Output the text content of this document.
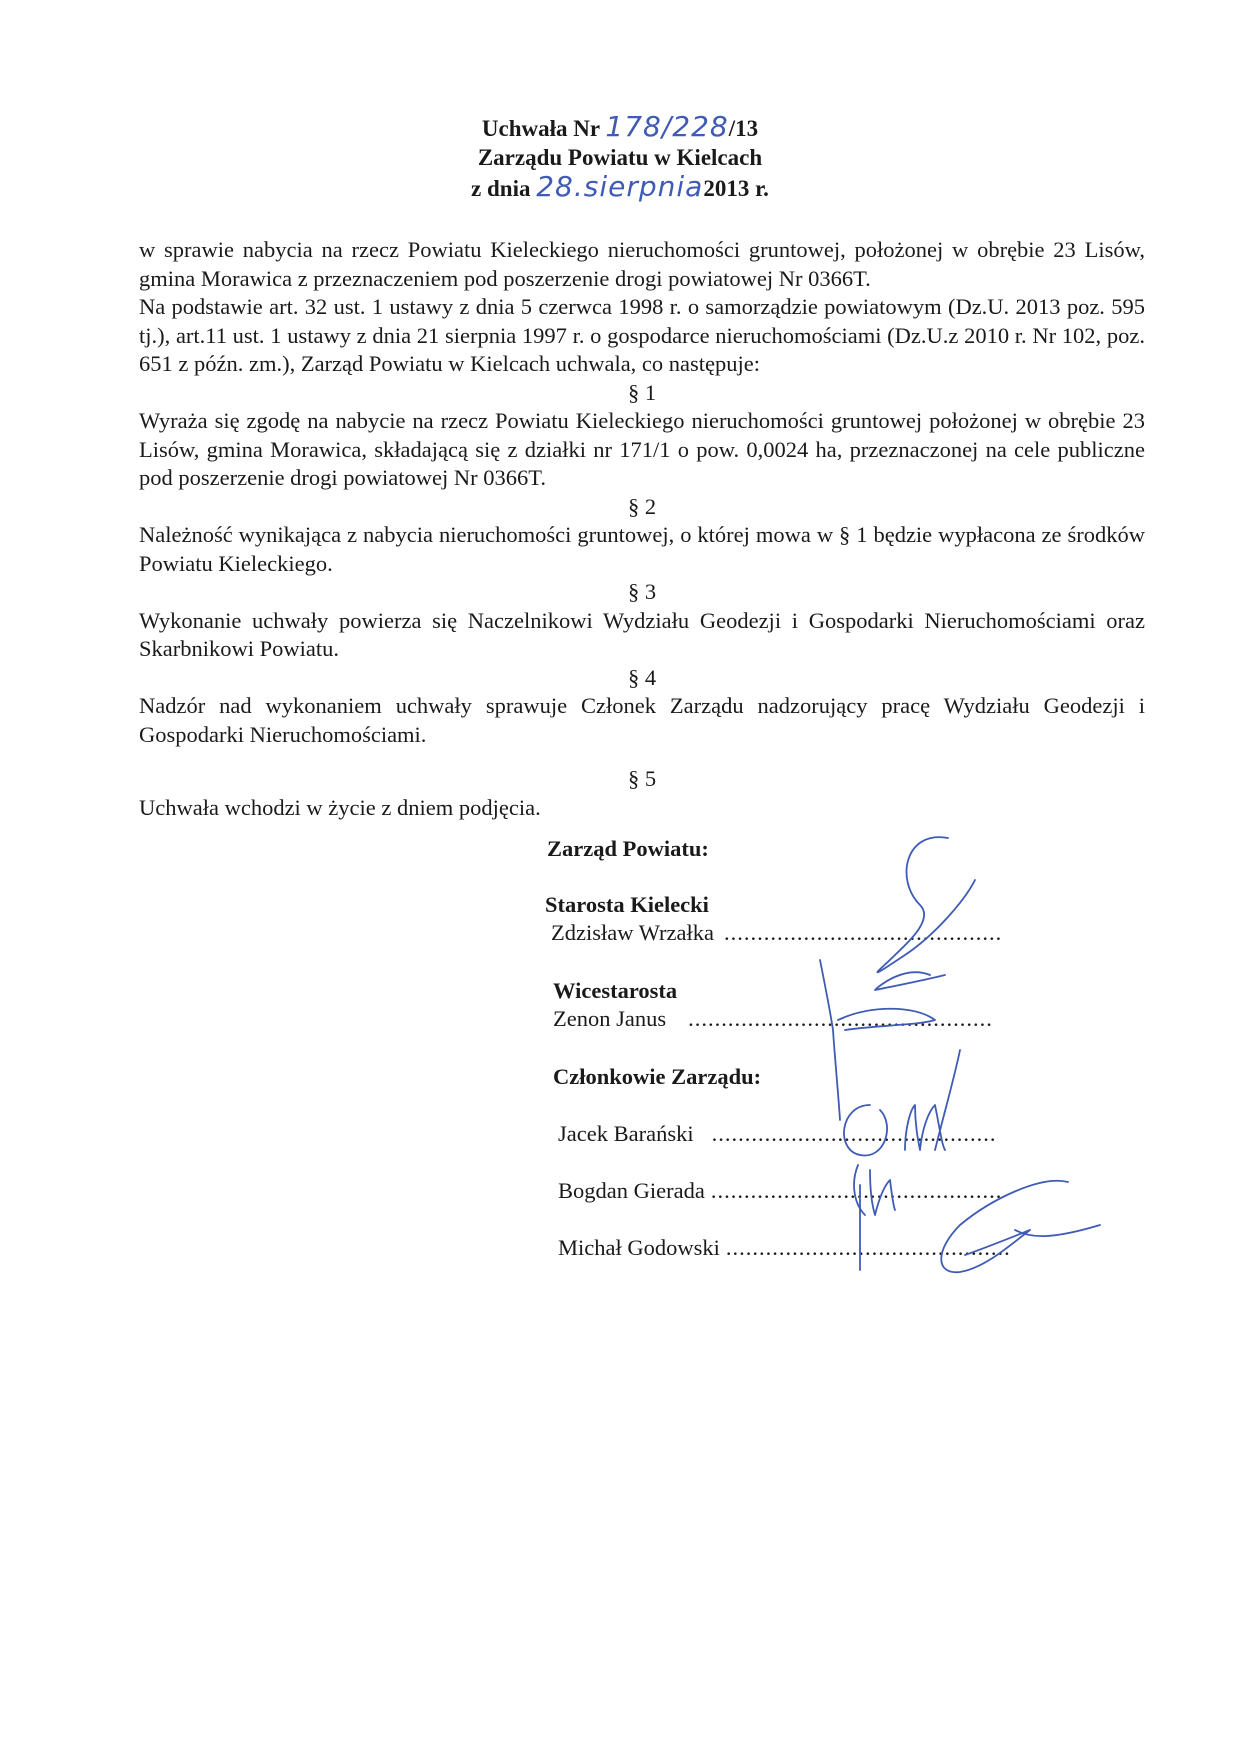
Uchwała Nr 178/228/13
Zarządu Powiatu w Kielcach
z dnia 28.sierpnia2013 r.

w sprawie nabycia na rzecz Powiatu Kieleckiego nieruchomości gruntowej, położonej w obrębie 23 Lisów, gmina Morawica z przeznaczeniem pod poszerzenie drogi powiatowej Nr 0366T.

Na podstawie art. 32 ust. 1 ustawy z dnia 5 czerwca 1998 r. o samorządzie powiatowym (Dz.U. 2013 poz. 595 tj.), art.11 ust. 1 ustawy z dnia 21 sierpnia 1997 r. o gospodarce nieruchomościami (Dz.U.z 2010 r. Nr 102, poz. 651 z późn. zm.), Zarząd Powiatu w Kielcach uchwala, co następuje:

§ 1

Wyraża się zgodę na nabycie na rzecz Powiatu Kieleckiego nieruchomości gruntowej położonej w obrębie 23 Lisów, gmina Morawica, składającą się z działki nr 171/1 o pow. 0,0024 ha, przeznaczonej na cele publiczne pod poszerzenie drogi powiatowej Nr 0366T.

§ 2

Należność wynikająca z nabycia nieruchomości gruntowej, o której mowa w § 1 będzie wypłacona ze środków Powiatu Kieleckiego.

§ 3

Wykonanie uchwały powierza się Naczelnikowi Wydziału Geodezji i Gospodarki Nieruchomościami oraz Skarbnikowi Powiatu.

§ 4

Nadzór nad wykonaniem uchwały sprawuje Członek Zarządu nadzorujący pracę Wydziału Geodezji i Gospodarki Nieruchomościami.

§ 5

Uchwała wchodzi w życie z dniem podjęcia.

Zarząd Powiatu:
Starosta Kielecki
Zdzisław Wrzałka ..........................................
Wicestarosta
Zenon Janus ..............................................
Członkowie Zarządu:
Jacek Barański ...........................................
Bogdan Gierada ............................................
Michał Godowski ...........................................
